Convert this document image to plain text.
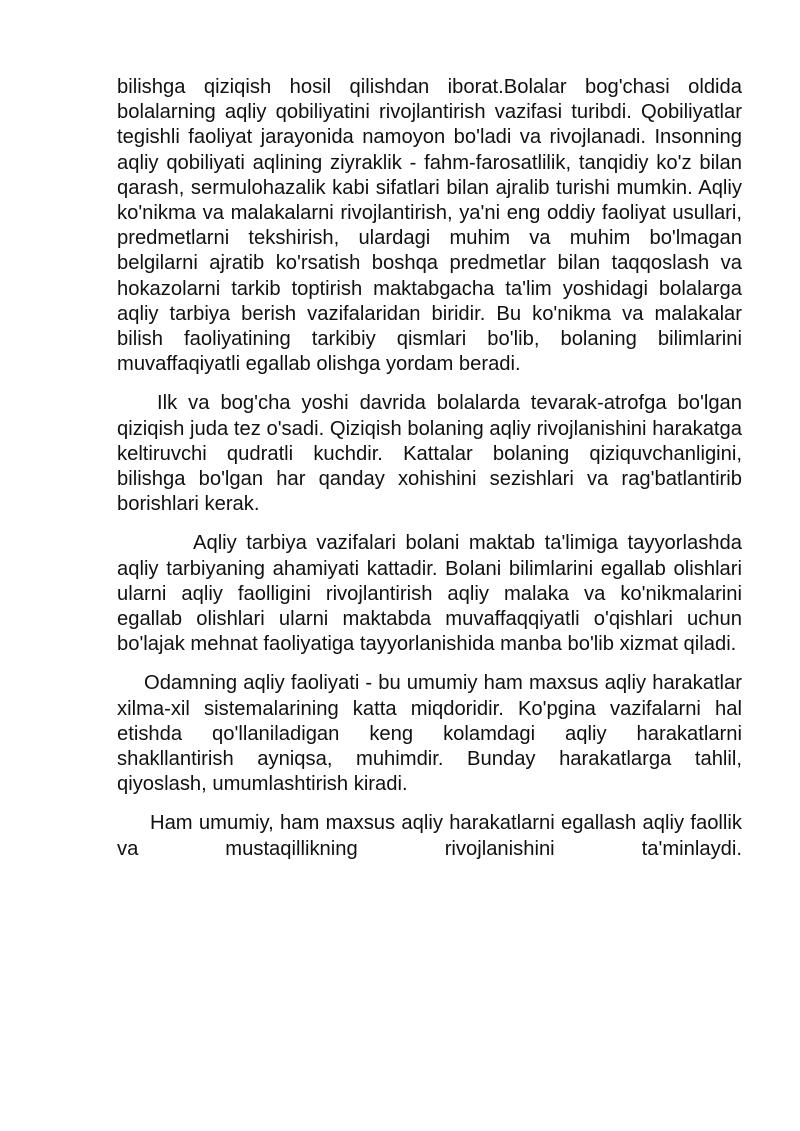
bilishga qiziqish hosil qilishdan iborat.Bolalar bog'chasi oldida bolalarning aqliy qobiliyatini rivojlantirish vazifasi turibdi. Qobiliyatlar tegishli faoliyat jarayonida namoyon bo'ladi va rivojlanadi. Insonning aqliy qobiliyati aqlining ziyraklik - fahm-farosatlilik, tanqidiy ko'z bilan qarash, sermulohazalik kabi sifatlari bilan ajralib turishi mumkin. Aqliy ko'nikma va malakalarni rivojlantirish, ya'ni eng oddiy faoliyat usullari, predmetlarni tekshirish, ulardagi muhim va muhim bo'lmagan belgilarni ajratib ko'rsatish boshqa predmetlar bilan taqqoslash va hokazolarni tarkib toptirish maktabgacha ta'lim yoshidagi bolalarga aqliy tarbiya berish vazifalaridan biridir. Bu ko'nikma va malakalar bilish faoliyatining tarkibiy qismlari bo'lib, bolaning bilimlarini muvaffaqiyatli egallab olishga yordam beradi.

Ilk va bog'cha yoshi davrida bolalarda tevarak-atrofga bo'lgan qiziqish juda tez o'sadi. Qiziqish bolaning aqliy rivojlanishini harakatga keltiruvchi qudratli kuchdir. Kattalar bolaning qiziquvchanligini, bilishga bo'lgan har qanday xohishini sezishlari va rag'batlantirib borishlari kerak.

Aqliy tarbiya vazifalari bolani maktab ta'limiga tayyorlashda aqliy tarbiyaning ahamiyati kattadir. Bolani bilimlarini egallab olishlari ularni aqliy faolligini rivojlantirish aqliy malaka va ko'nikmalarini egallab olishlari ularni maktabda muvaffaqqiyatli o'qishlari uchun bo'lajak mehnat faoliyatiga tayyorlanishida manba bo'lib xizmat qiladi.

Odamning aqliy faoliyati - bu umumiy ham maxsus aqliy harakatlar xilma-xil sistemalarining katta miqdoridir. Ko'pgina vazifalarni hal etishda qo'llaniladigan keng kolamdagi aqliy harakatlarni shakllantirish ayniqsa, muhimdir. Bunday harakatlarga tahlil, qiyoslash, umumlashtirish kiradi.

Ham umumiy, ham maxsus aqliy harakatlarni egallash aqliy faollik va mustaqillikning rivojlanishini ta'minlaydi.
